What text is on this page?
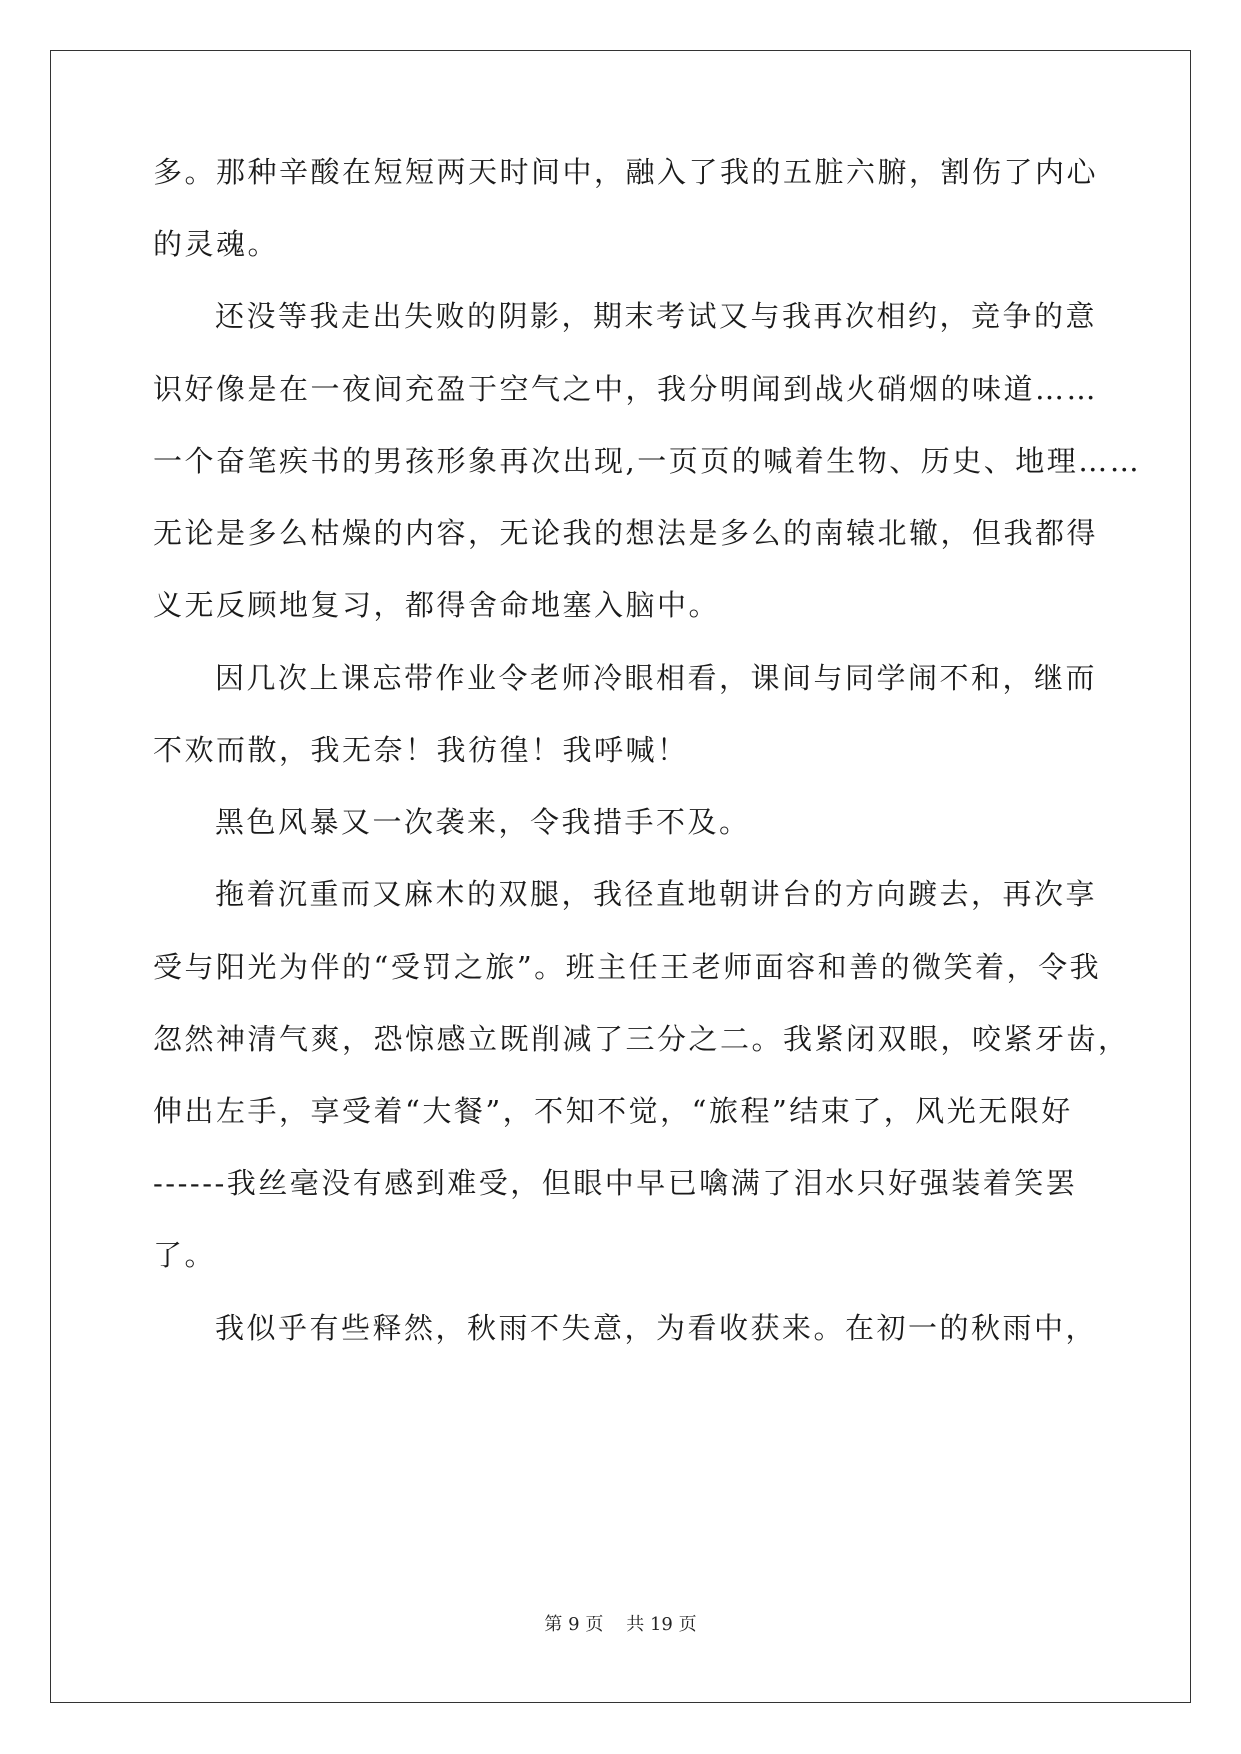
多。那种辛酸在短短两天时间中，融入了我的五脏六腑，割伤了内心
的灵魂。
还没等我走出失败的阴影，期末考试又与我再次相约，竞争的意
识好像是在一夜间充盈于空气之中，我分明闻到战火硝烟的味道……
一个奋笔疾书的男孩形象再次出现,一页页的喊着生物、历史、地理……
无论是多么枯燥的内容，无论我的想法是多么的南辕北辙，但我都得
义无反顾地复习，都得舍命地塞入脑中。
因几次上课忘带作业令老师冷眼相看，课间与同学闹不和，继而
不欢而散，我无奈！我彷徨！我呼喊！
黑色风暴又一次袭来，令我措手不及。
拖着沉重而又麻木的双腿，我径直地朝讲台的方向踱去，再次享
受与阳光为伴的“受罚之旅”。班主任王老师面容和善的微笑着，令我
忽然神清气爽，恐惊感立既削减了三分之二。我紧闭双眼，咬紧牙齿，
伸出左手，享受着“大餐”，不知不觉，“旅程”结束了，风光无限好
------我丝毫没有感到难受，但眼中早已噙满了泪水只好强装着笑罢
了。
我似乎有些释然，秋雨不失意，为看收获来。在初一的秋雨中，
第 9 页 共 19 页
